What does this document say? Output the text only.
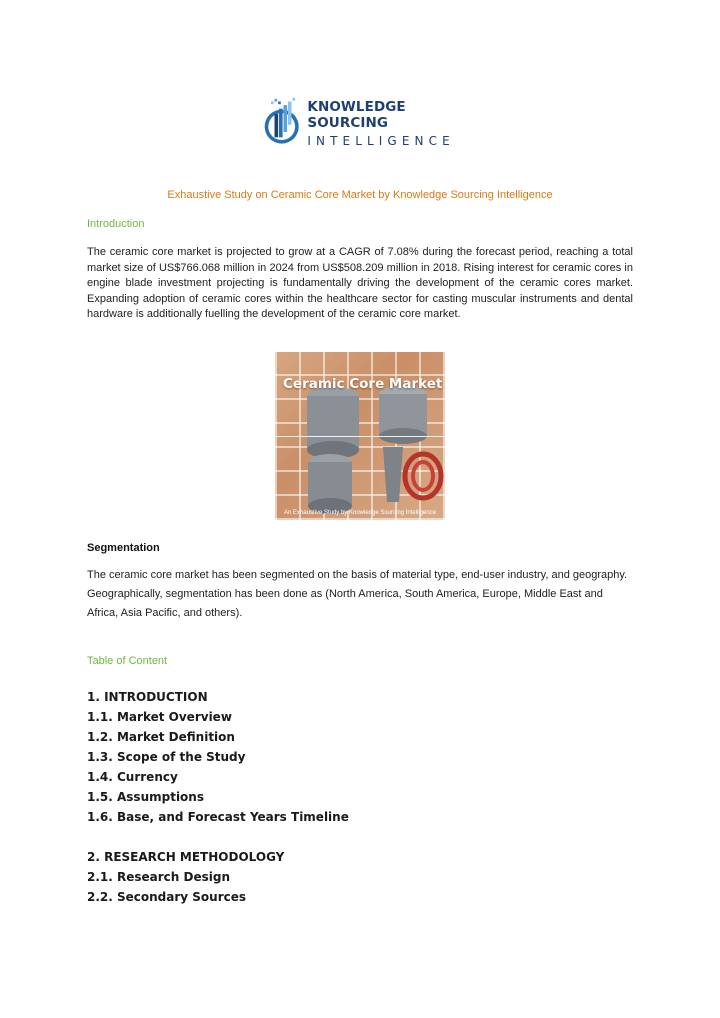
KNOWLEDGE SOURCING
INTELLIGENCE
Exhaustive Study on Ceramic Core Market by Knowledge Sourcing Intelligence
Introduction
The ceramic core market is projected to grow at a CAGR of 7.08% during the forecast period, reaching a total market size of US$766.068 million in 2024 from US$508.209 million in 2018. Rising interest for ceramic cores in engine blade investment projecting is fundamentally driving the development of the ceramic cores market. Expanding adoption of ceramic cores within the healthcare sector for casting muscular instruments and dental hardware is additionally fuelling the development of the ceramic core market.
Ceramic Core Market
An Exhaustive Study by Knowledge Sourcing Intelligence
Segmentation
The ceramic core market has been segmented on the basis of material type, end-user industry, and geography. Geographically, segmentation has been done as (North America, South America, Europe, Middle East and Africa, Asia Pacific, and others).
Table of Content
1. INTRODUCTION
1.1. Market Overview
1.2. Market Definition
1.3. Scope of the Study
1.4. Currency
1.5. Assumptions
1.6. Base, and Forecast Years Timeline
2. RESEARCH METHODOLOGY
2.1. Research Design
2.2. Secondary Sources
